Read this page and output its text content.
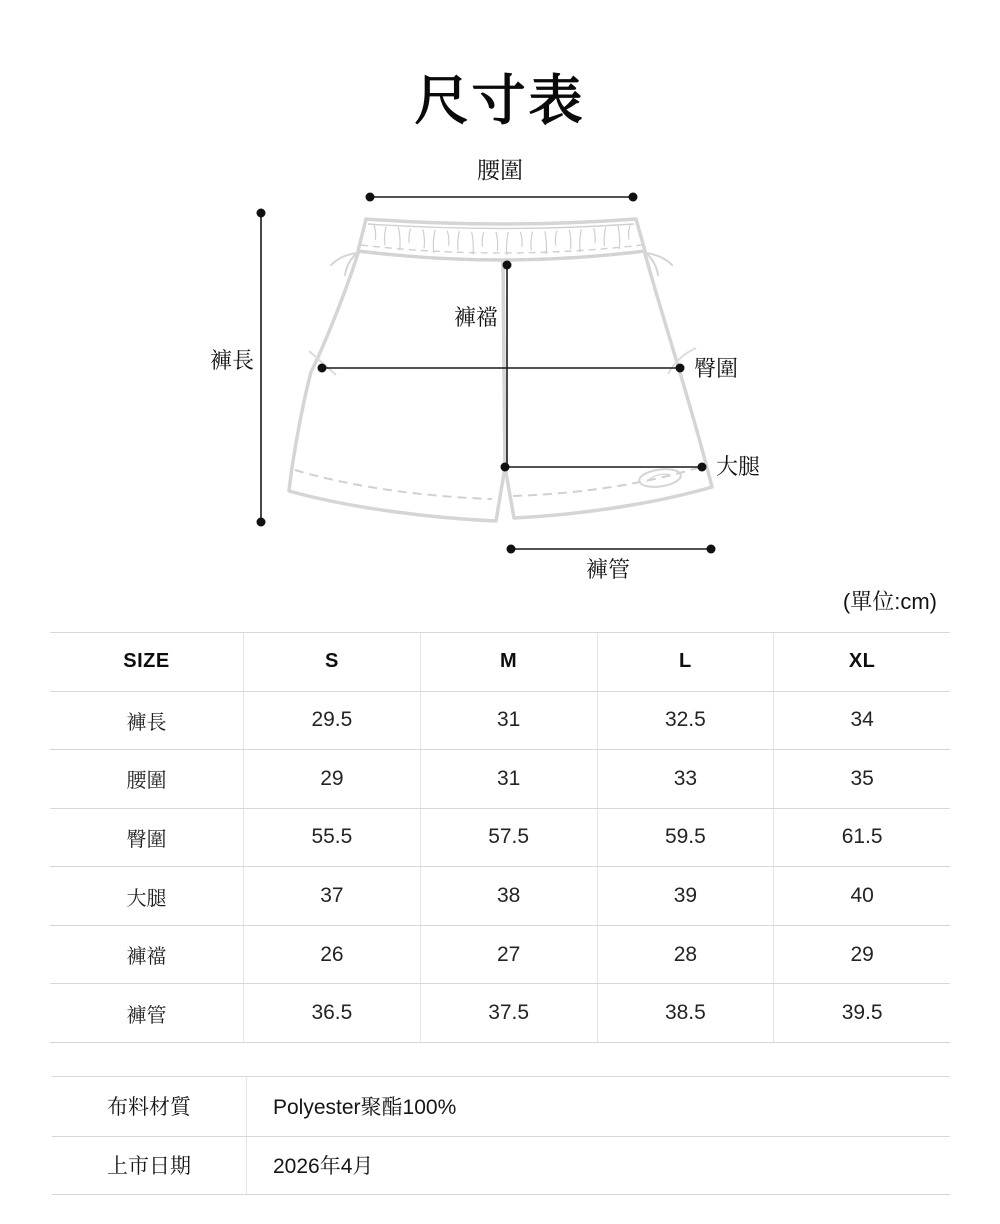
尺寸表
腰圍
褲長
褲襠
臀圍
大腿
褲管
(單位:cm)
SIZE	S	M	L	XL
褲長	29.5	31	32.5	34
腰圍	29	31	33	35
臀圍	55.5	57.5	59.5	61.5
大腿	37	38	39	40
褲襠	26	27	28	29
褲管	36.5	37.5	38.5	39.5
布料材質	Polyester聚酯100%
上市日期	2026年4月
